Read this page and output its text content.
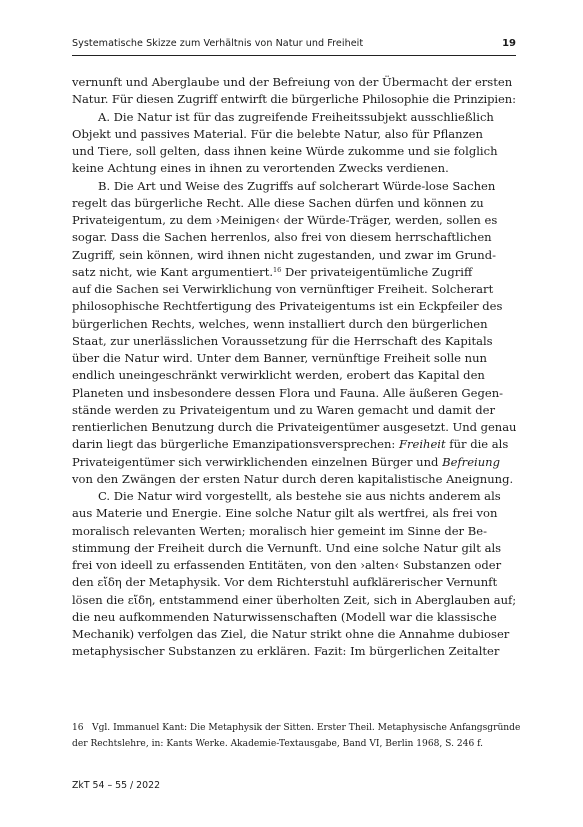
Systematische Skizze zum Verhältnis von Natur und Freiheit	19

vernunft und Aberglaube und der Befreiung von der Übermacht der ersten
Natur. Für diesen Zugriff entwirft die bürgerliche Philosophie die Prinzipien:

A. Die Natur ist für das zugreifende Freiheitssubjekt ausschließlich
Objekt und passives Material. Für die belebte Natur, also für Pflanzen
und Tiere, soll gelten, dass ihnen keine Würde zukomme und sie folglich
keine Achtung eines in ihnen zu verortenden Zwecks verdienen.

B. Die Art und Weise des Zugriffs auf solcherart Würde-lose Sachen
regelt das bürgerliche Recht. Alle diese Sachen dürfen und können zu
Privateigentum, zu dem ›Meinigen‹ der Würde-Träger, werden, sollen es
sogar. Dass die Sachen herrenlos, also frei von diesem herrschaftlichen
Zugriff, sein können, wird ihnen nicht zugestanden, und zwar im Grund-
satz nicht, wie Kant argumentiert.$^{16}$ Der privateigentümliche Zugriff
auf die Sachen sei Verwirklichung von vernünftiger Freiheit. Solcherart
philosophische Rechtfertigung des Privateigentums ist ein Eckpfeiler des
bürgerlichen Rechts, welches, wenn installiert durch den bürgerlichen
Staat, zur unerlässlichen Voraussetzung für die Herrschaft des Kapitals
über die Natur wird. Unter dem Banner, vernünftige Freiheit solle nun
endlich uneingeschränkt verwirklicht werden, erobert das Kapital den
Planeten und insbesondere dessen Flora und Fauna. Alle äußeren Gegen-
stände werden zu Privateigentum und zu Waren gemacht und damit der
rentierlichen Benutzung durch die Privateigentümer ausgesetzt. Und genau
darin liegt das bürgerliche Emanzipationsversprechen: Freiheit für die als
Privateigentümer sich verwirklichenden einzelnen Bürger und Befreiung
von den Zwängen der ersten Natur durch deren kapitalistische Aneignung.

C. Die Natur wird vorgestellt, als bestehe sie aus nichts anderem als
aus Materie und Energie. Eine solche Natur gilt als wertfrei, als frei von
moralisch relevanten Werten; moralisch hier gemeint im Sinne der Be-
stimmung der Freiheit durch die Vernunft. Und eine solche Natur gilt als
frei von ideell zu erfassenden Entitäten, von den ›alten‹ Substanzen oder
den εἴδη der Metaphysik. Vor dem Richterstuhl aufklärerischer Vernunft
lösen die εἴδη, entstammend einer überholten Zeit, sich in Aberglauben auf;
die neu aufkommenden Naturwissenschaften (Modell war die klassische
Mechanik) verfolgen das Ziel, die Natur strikt ohne die Annahme dubioser
metaphysischer Substanzen zu erklären. Fazit: Im bürgerlichen Zeitalter

16 Vgl. Immanuel Kant: Die Metaphysik der Sitten. Erster Theil. Metaphysische Anfangsgründe
der Rechtslehre, in: Kants Werke. Akademie-Textausgabe, Band VI, Berlin 1968, S. 246 f.
ZkT 54 – 55 / 2022
